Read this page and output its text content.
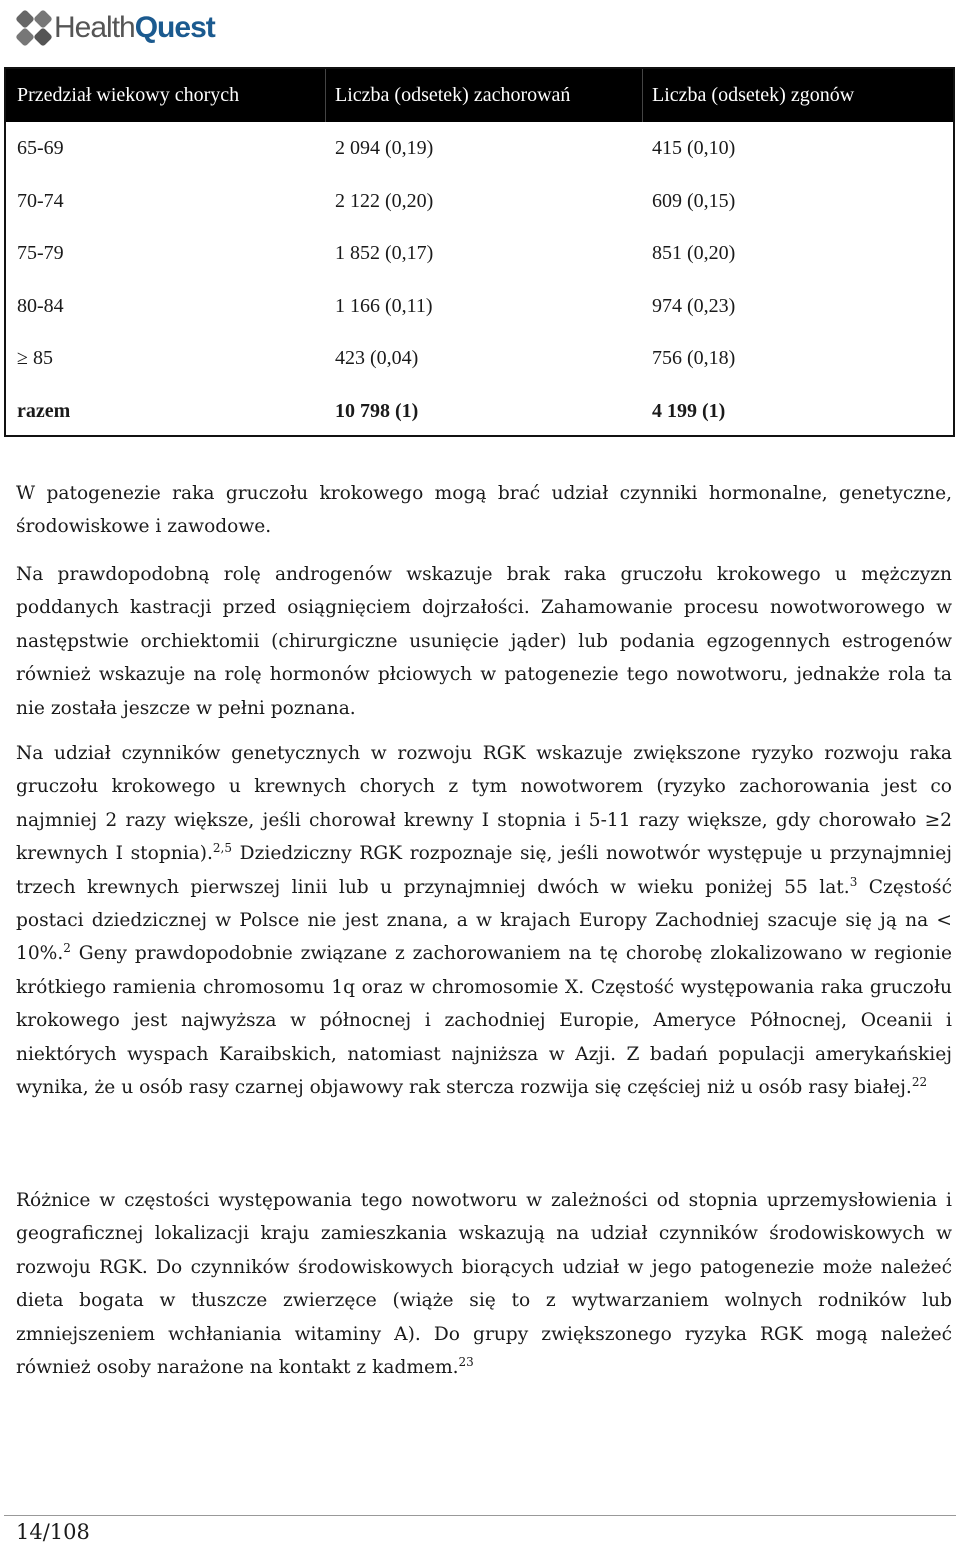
HealthQuest
Przedział wiekowy chorych	Liczba (odsetek) zachorowań	Liczba (odsetek) zgonów
65-69	2 094 (0,19)	415 (0,10)
70-74	2 122 (0,20)	609 (0,15)
75-79	1 852 (0,17)	851 (0,20)
80-84	1 166 (0,11)	974 (0,23)
≥ 85	423 (0,04)	756 (0,18)
razem	10 798 (1)	4 199 (1)

W patogenezie raka gruczołu krokowego mogą brać udział czynniki hormonalne, genetyczne, środowiskowe i zawodowe.

Na prawdopodobną rolę androgenów wskazuje brak raka gruczołu krokowego u mężczyzn poddanych kastracji przed osiągnięciem dojrzałości. Zahamowanie procesu nowotworowego w następstwie orchiektomii (chirurgiczne usunięcie jąder) lub podania egzogennych estrogenów również wskazuje na rolę hormonów płciowych w patogenezie tego nowotworu, jednakże rola ta nie została jeszcze w pełni poznana.

Na udział czynników genetycznych w rozwoju RGK wskazuje zwiększone ryzyko rozwoju raka gruczołu krokowego u krewnych chorych z tym nowotworem (ryzyko zachorowania jest co najmniej 2 razy większe, jeśli chorował krewny I stopnia i 5-11 razy większe, gdy chorowało ≥2 krewnych I stopnia).$^{2,5}$ Dziedziczny RGK rozpoznaje się, jeśli nowotwór występuje u przynajmniej trzech krewnych pierwszej linii lub u przynajmniej dwóch w wieku poniżej 55 lat.$^3$ Częstość postaci dziedzicznej w Polsce nie jest znana, a w krajach Europy Zachodniej szacuje się ją na < 10%.$^2$ Geny prawdopodobnie związane z zachorowaniem na tę chorobę zlokalizowano w regionie krótkiego ramienia chromosomu 1q oraz w chromosomie X. Częstość występowania raka gruczołu krokowego jest najwyższa w północnej i zachodniej Europie, Ameryce Północnej, Oceanii i niektórych wyspach Karaibskich, natomiast najniższa w Azji. Z badań populacji amerykańskiej wynika, że u osób rasy czarnej objawowy rak stercza rozwija się częściej niż u osób rasy białej.$^{22}$

Różnice w częstości występowania tego nowotworu w zależności od stopnia uprzemysłowienia i geograficznej lokalizacji kraju zamieszkania wskazują na udział czynników środowiskowych w rozwoju RGK. Do czynników środowiskowych biorących udział w jego patogenezie może należeć dieta bogata w tłuszcze zwierzęce (wiąże się to z wytwarzaniem wolnych rodników lub zmniejszeniem wchłaniania witaminy A). Do grupy zwiększonego ryzyka RGK mogą należeć również osoby narażone na kontakt z kadmem.$^{23}$

14/108
